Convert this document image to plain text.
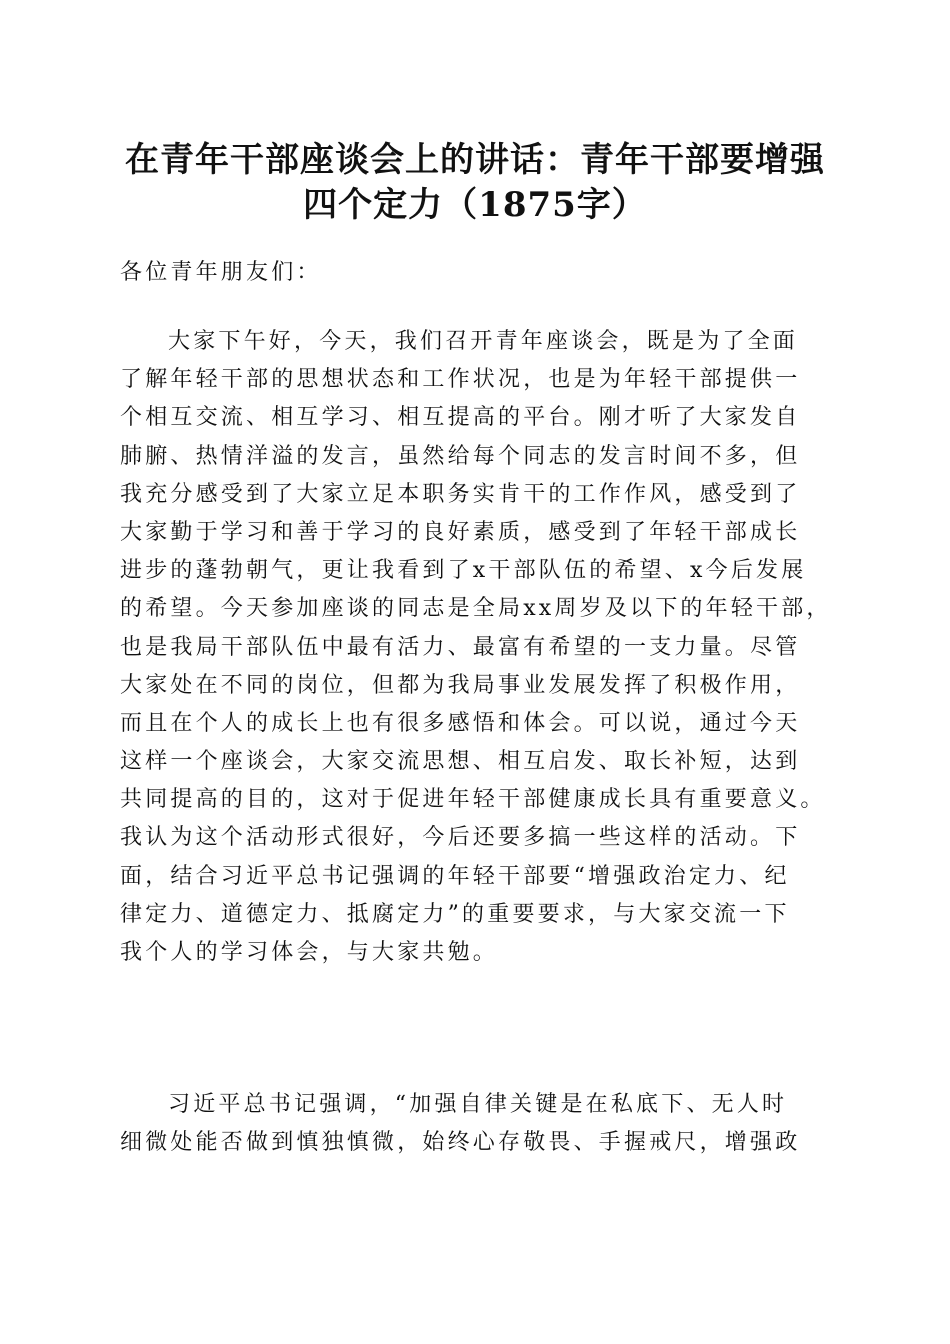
在青年干部座谈会上的讲话：青年干部要增强
四个定力（1875字）
各位青年朋友们：
大家下午好，今天，我们召开青年座谈会，既是为了全面
了解年轻干部的思想状态和工作状况，也是为年轻干部提供一
个相互交流、相互学习、相互提高的平台。刚才听了大家发自
肺腑、热情洋溢的发言，虽然给每个同志的发言时间不多，但
我充分感受到了大家立足本职务实肯干的工作作风，感受到了
大家勤于学习和善于学习的良好素质，感受到了年轻干部成长
进步的蓬勃朝气，更让我看到了x干部队伍的希望、x今后发展
的希望。今天参加座谈的同志是全局xx周岁及以下的年轻干部，
也是我局干部队伍中最有活力、最富有希望的一支力量。尽管
大家处在不同的岗位，但都为我局事业发展发挥了积极作用，
而且在个人的成长上也有很多感悟和体会。可以说，通过今天
这样一个座谈会，大家交流思想、相互启发、取长补短，达到
共同提高的目的，这对于促进年轻干部健康成长具有重要意义。
我认为这个活动形式很好，今后还要多搞一些这样的活动。下
面，结合习近平总书记强调的年轻干部要“增强政治定力、纪
律定力、道德定力、抵腐定力”的重要要求，与大家交流一下
我个人的学习体会，与大家共勉。
习近平总书记强调，“加强自律关键是在私底下、无人时
细微处能否做到慎独慎微，始终心存敬畏、手握戒尺，增强政
